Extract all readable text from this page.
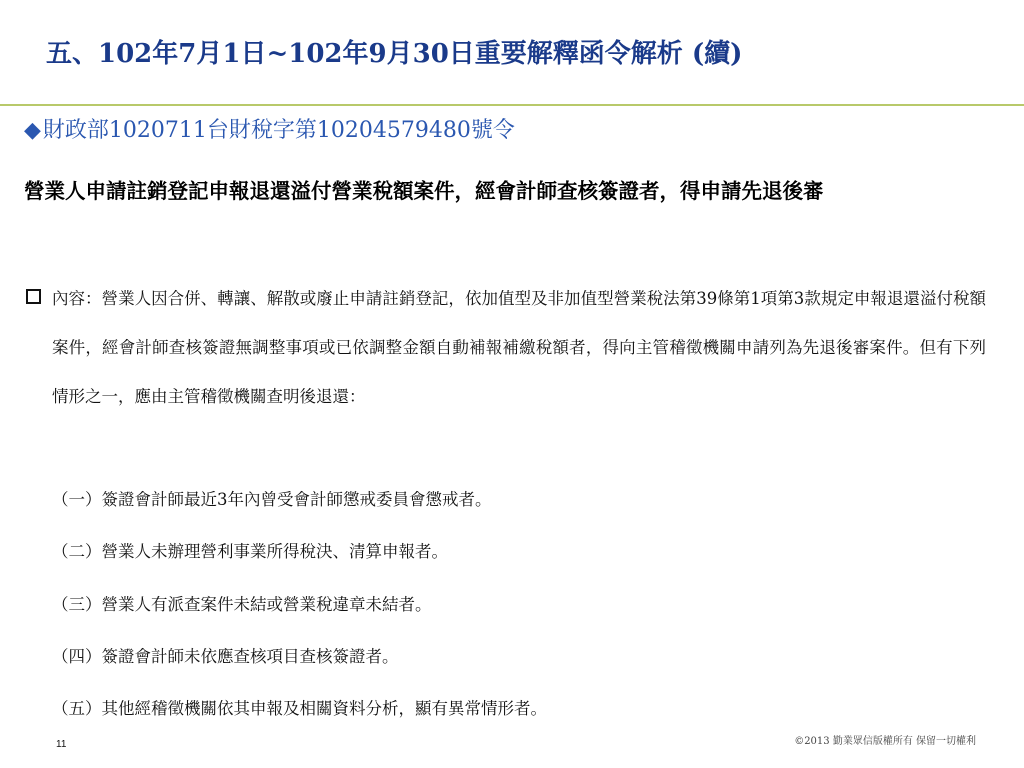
五、102年7月1日~102年9月30日重要解釋函令解析 (續)
◆財政部1020711台財稅字第10204579480號令
營業人申請註銷登記申報退還溢付營業稅額案件，經會計師查核簽證者，得申請先退後審
內容：營業人因合併、轉讓、解散或廢止申請註銷登記，依加值型及非加值型營業稅法第39條第1項第3款規定申報退還溢付稅額案件，經會計師查核簽證無調整事項或已依調整金額自動補報補繳稅額者，得向主管稽徵機關申請列為先退後審案件。但有下列情形之一，應由主管稽徵機關查明後退還：
（一）簽證會計師最近3年內曾受會計師懲戒委員會懲戒者。
（二）營業人未辦理營利事業所得稅決、清算申報者。
（三）營業人有派查案件未結或營業稅違章未結者。
（四）簽證會計師未依應查核項目查核簽證者。
（五）其他經稽徵機關依其申報及相關資料分析，顯有異常情形者。
11	©2013 勤業眾信版權所有 保留一切權利
